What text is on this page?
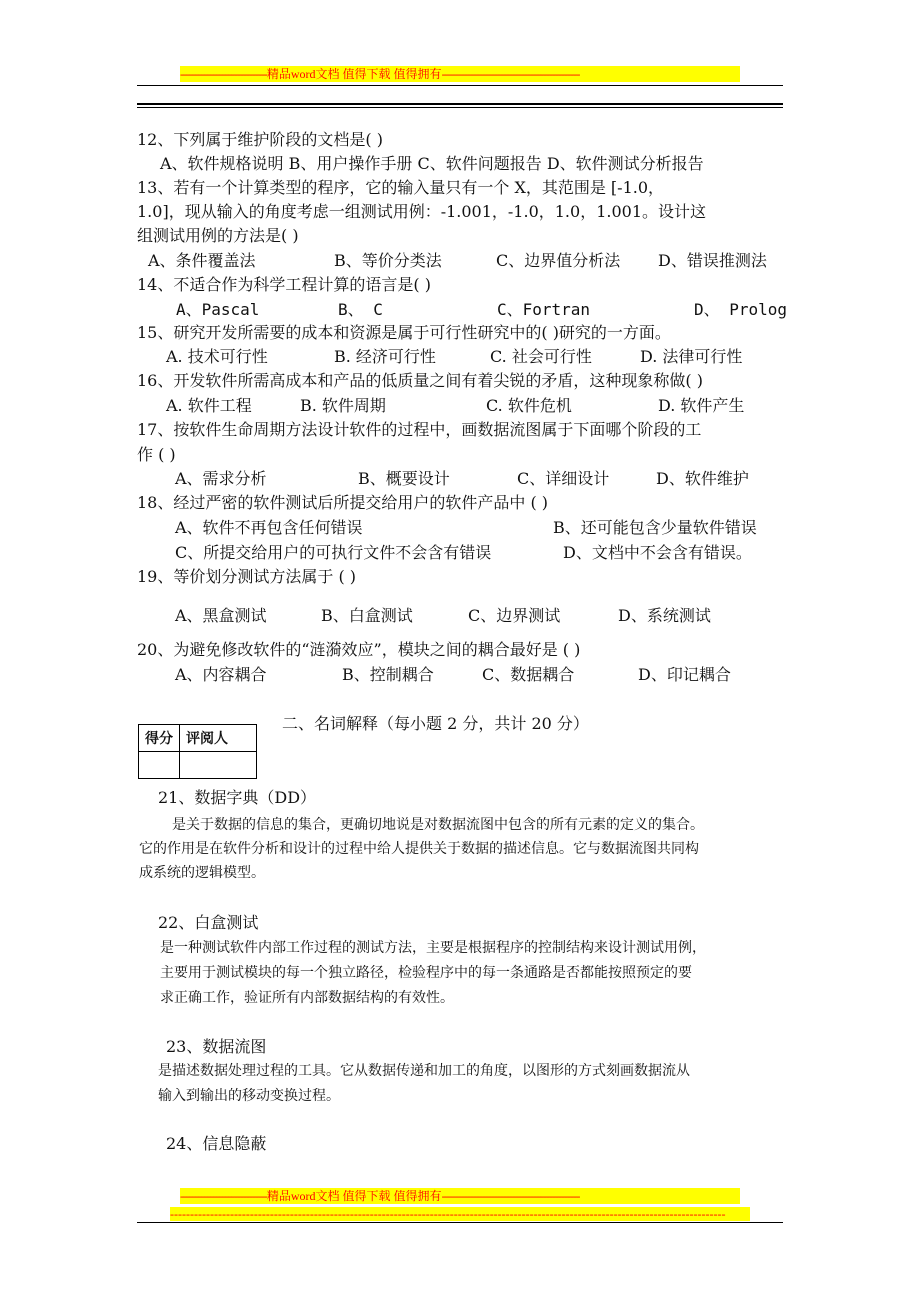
-----------------------------精品word文档 值得下载 值得拥有----------------------------------------------
12、下列属于维护阶段的文档是( )
A、软件规格说明 B、用户操作手册 C、软件问题报告 D、软件测试分析报告
13、若有一个计算类型的程序，它的输入量只有一个 X，其范围是 [-1.0，
1.0]，现从输入的角度考虑一组测试用例：-1.001，-1.0，1.0，1.001。设计这
组测试用例的方法是( )
A、条件覆盖法	B、等价分类法	C、边界值分析法 D、错误推测法
14、不适合作为科学工程计算的语言是( )
A、Pascal	B、 C	C、Fortran	D、 Prolog
15、研究开发所需要的成本和资源是属于可行性研究中的( )研究的一方面。
A. 技术可行性	B. 经济可行性	C. 社会可行性	D. 法律可行性
16、开发软件所需高成本和产品的低质量之间有着尖锐的矛盾，这种现象称做( )
A. 软件工程	B. 软件周期	C. 软件危机	D. 软件产生
17、按软件生命周期方法设计软件的过程中，画数据流图属于下面哪个阶段的工
作 ( )
A、需求分析	B、概要设计	C、详细设计	D、软件维护
18、经过严密的软件测试后所提交给用户的软件产品中 ( )
A、软件不再包含任何错误	B、还可能包含少量软件错误
C、所提交给用户的可执行文件不会含有错误	D、文档中不会含有错误。
19、等价划分测试方法属于 ( )
A、黑盒测试	B、白盒测试	C、边界测试	D、系统测试
20、为避免修改软件的“涟漪效应”，模块之间的耦合最好是 ( )
A、内容耦合	B、控制耦合	C、数据耦合	D、印记耦合
二、名词解释（每小题 2 分，共计 20 分）
得分	评阅人

21、数据字典（DD）
是关于数据的信息的集合，更确切地说是对数据流图中包含的所有元素的定义的集合。
它的作用是在软件分析和设计的过程中给人提供关于数据的描述信息。它与数据流图共同构
成系统的逻辑模型。
22、白盒测试
是一种测试软件内部工作过程的测试方法，主要是根据程序的控制结构来设计测试用例，
主要用于测试模块的每一个独立路径，检验程序中的每一条通路是否都能按照预定的要
求正确工作，验证所有内部数据结构的有效性。
23、数据流图
是描述数据处理过程的工具。它从数据传递和加工的角度，以图形的方式刻画数据流从
输入到输出的移动变换过程。
24、信息隐蔽
-----------------------------精品word文档 值得下载 值得拥有----------------------------------------------
-------------------------------------------------------------------------------------------------------------------------------------------
